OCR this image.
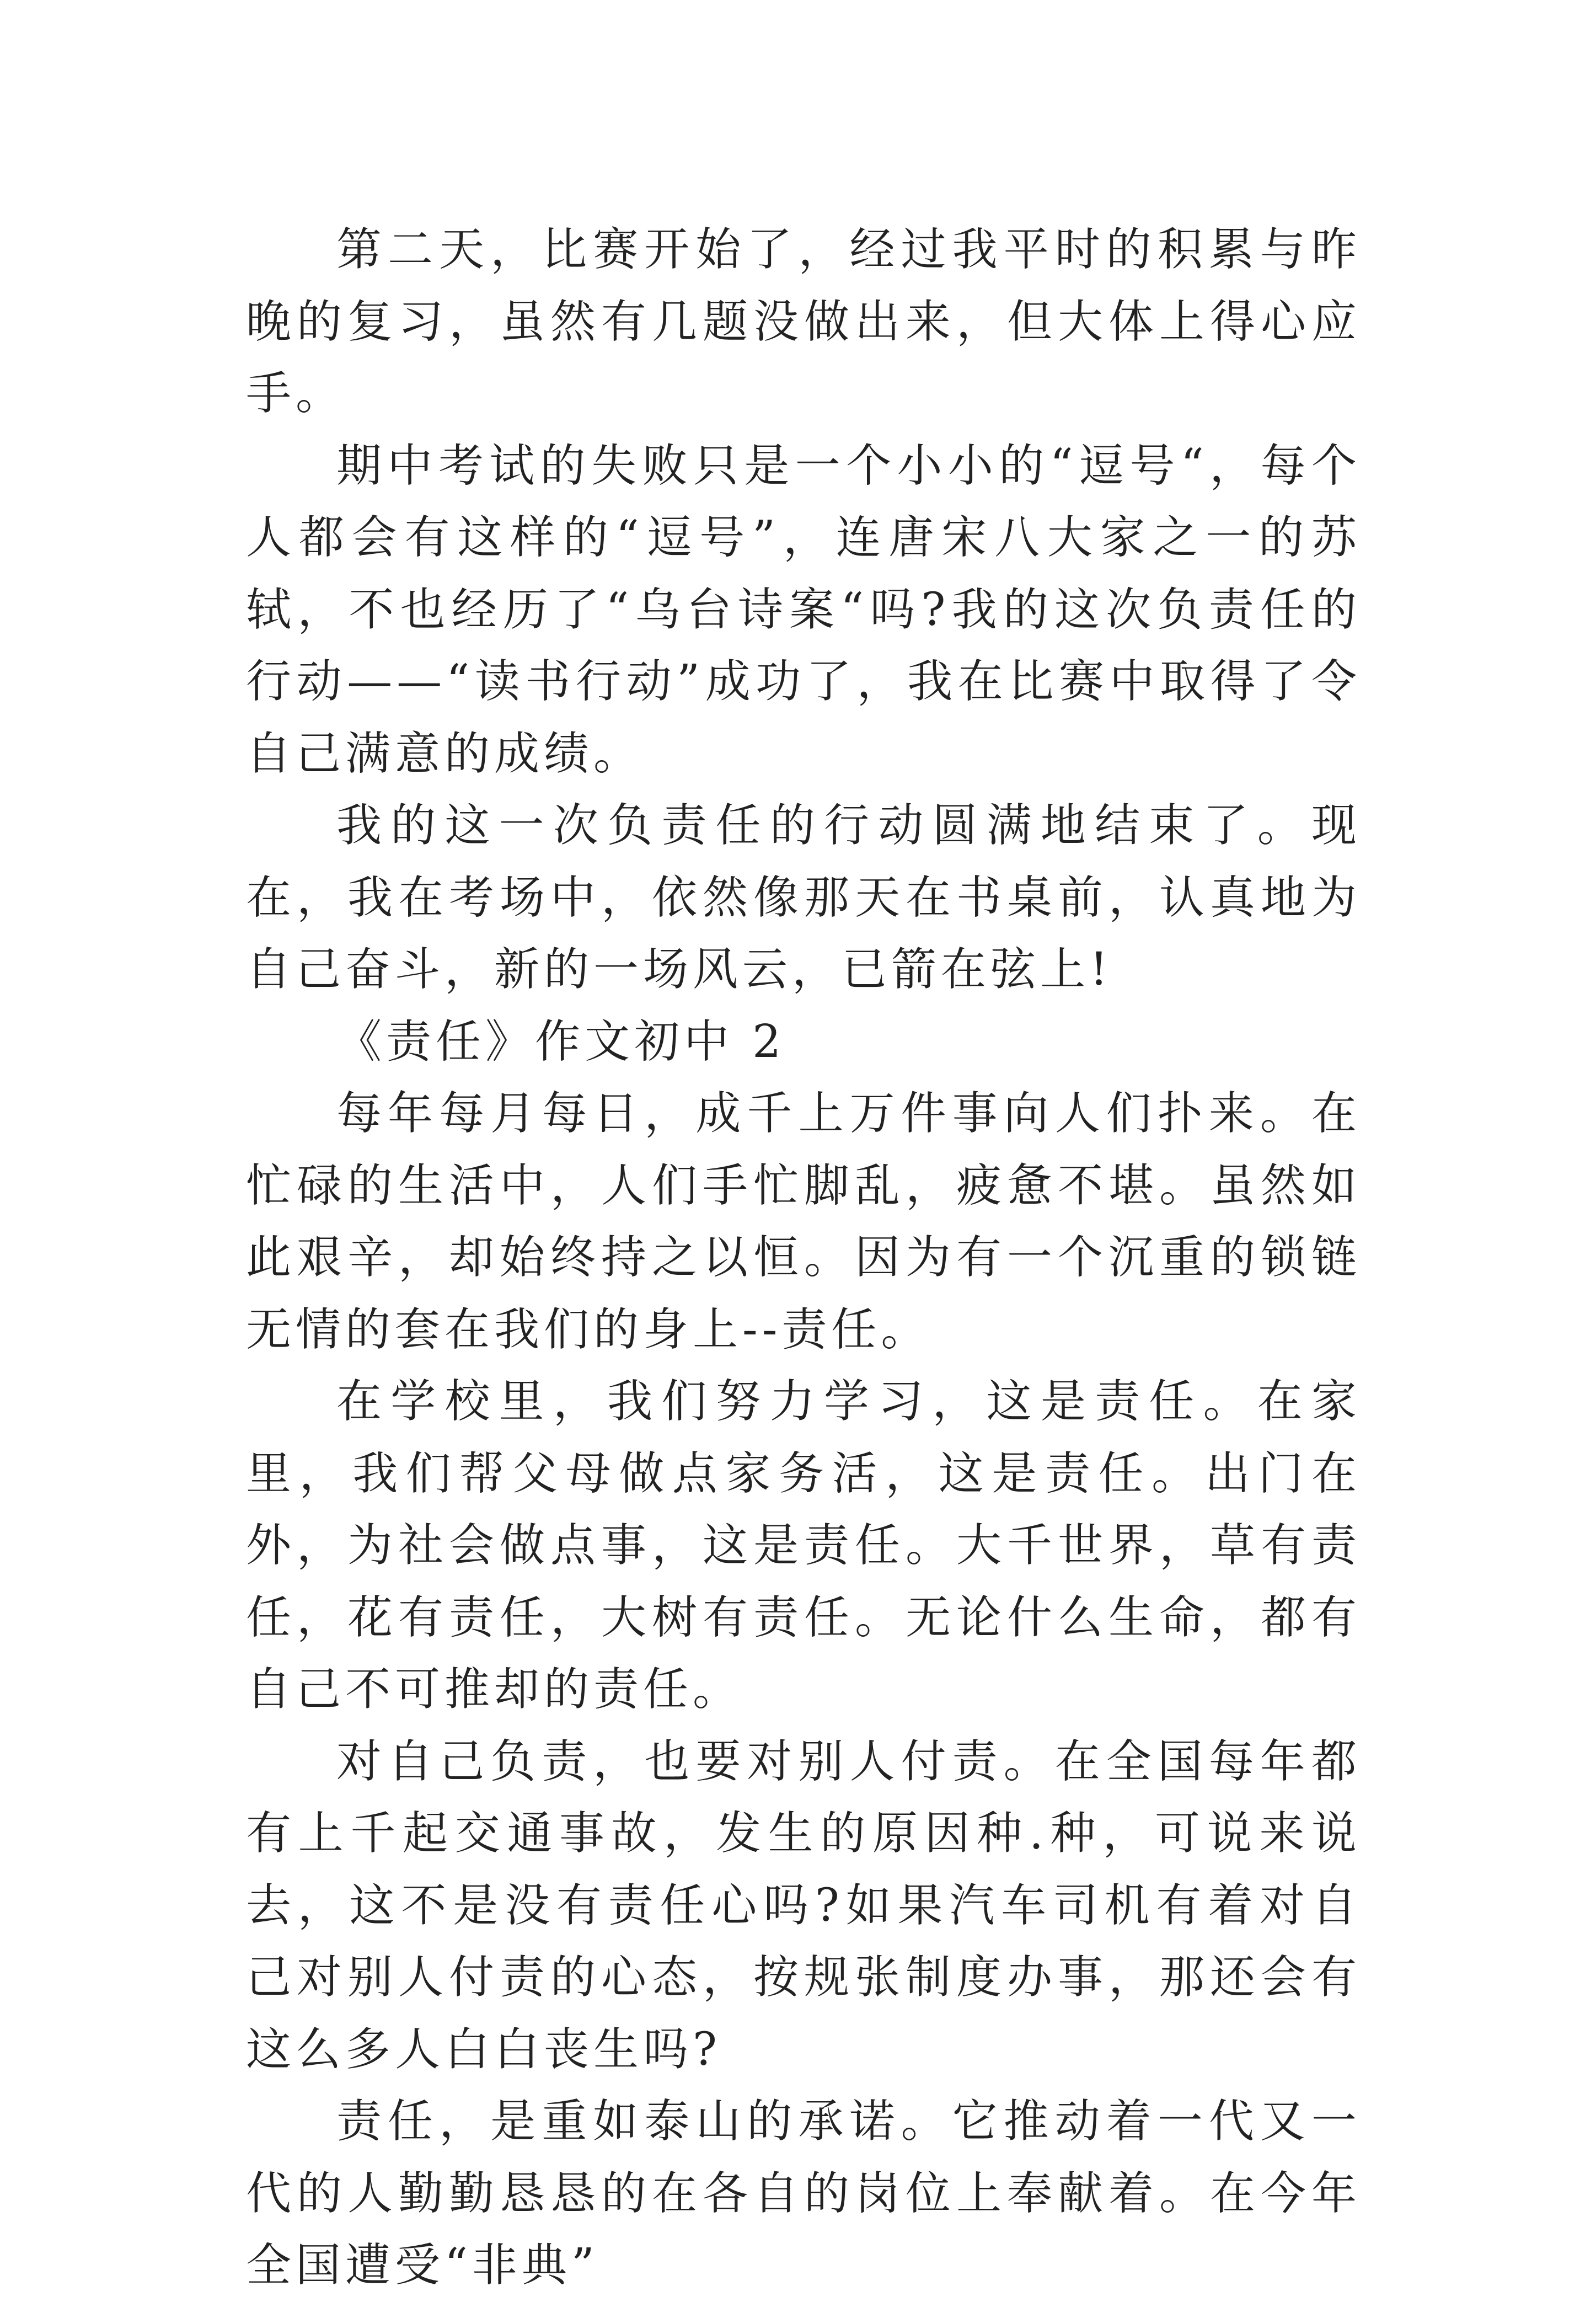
第二天，比赛开始了，经过我平时的积累与昨晚的复习，虽然有几题没做出来，但大体上得心应手。

期中考试的失败只是一个小小的“逗号“，每个人都会有这样的“逗号”，连唐宋八大家之一的苏轼，不也经历了“乌台诗案“吗?我的这次负责任的行动——“读书行动”成功了，我在比赛中取得了令自己满意的成绩。

我的这一次负责任的行动圆满地结束了。现在，我在考场中，依然像那天在书桌前，认真地为自己奋斗，新的一场风云，已箭在弦上!

《责任》作文初中 2

每年每月每日，成千上万件事向人们扑来。在忙碌的生活中，人们手忙脚乱，疲惫不堪。虽然如此艰辛，却始终持之以恒。因为有一个沉重的锁链无情的套在我们的身上--责任。

在学校里，我们努力学习，这是责任。在家里，我们帮父母做点家务活，这是责任。出门在外，为社会做点事，这是责任。大千世界，草有责任，花有责任，大树有责任。无论什么生命，都有自己不可推却的责任。

对自己负责，也要对别人付责。在全国每年都有上千起交通事故，发生的原因种.种，可说来说去，这不是没有责任心吗?如果汽车司机有着对自己对别人付责的心态，按规张制度办事，那还会有这么多人白白丧生吗?

责任，是重如泰山的承诺。它推动着一代又一代的人勤勤恳恳的在各自的岗位上奉献着。在今年全国遭受“非典”
